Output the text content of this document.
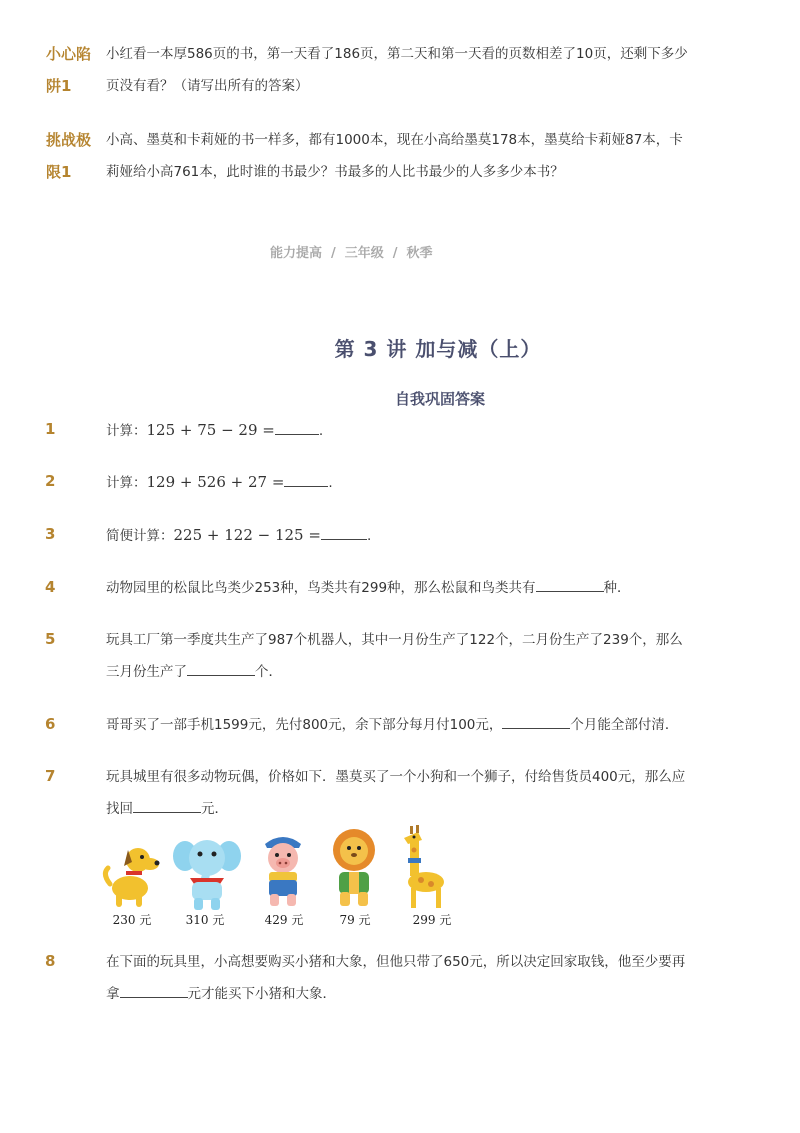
小心陷
阱1
小红看一本厚586页的书，第一天看了186页，第二天和第一天看的页数相差了10页，还剩下多少
页没有看？（请写出所有的答案）
挑战极
限1
小高、墨莫和卡莉娅的书一样多，都有1000本，现在小高给墨莫178本，墨莫给卡莉娅87本，卡
莉娅给小高761本，此时谁的书最少？书最多的人比书最少的人多多少本书？
能力提高 / 三年级 / 秋季
第 3 讲 加与减（上）
自我巩固答案
1	计算：125 + 75 − 29 =	.
2	计算：129 + 526 + 27 =	.
3	简便计算：225 + 122 − 125 =	.
4	动物园里的松鼠比鸟类少253种，鸟类共有299种，那么松鼠和鸟类共有	种．
5	玩具工厂第一季度共生产了987个机器人，其中一月份生产了122个，二月份生产了239个，那么
三月份生产了	个．
6	哥哥买了一部手机1599元，先付800元，余下部分每月付100元，	个月能全部付清．
7	玩具城里有很多动物玩偶，价格如下．墨莫买了一个小狗和一个狮子，付给售货员400元，那么应
找回	元．
230 元	310 元	429 元	79 元	299 元
8	在下面的玩具里，小高想要购买小猪和大象，但他只带了650元，所以决定回家取钱，他至少要再
拿	元才能买下小猪和大象．
